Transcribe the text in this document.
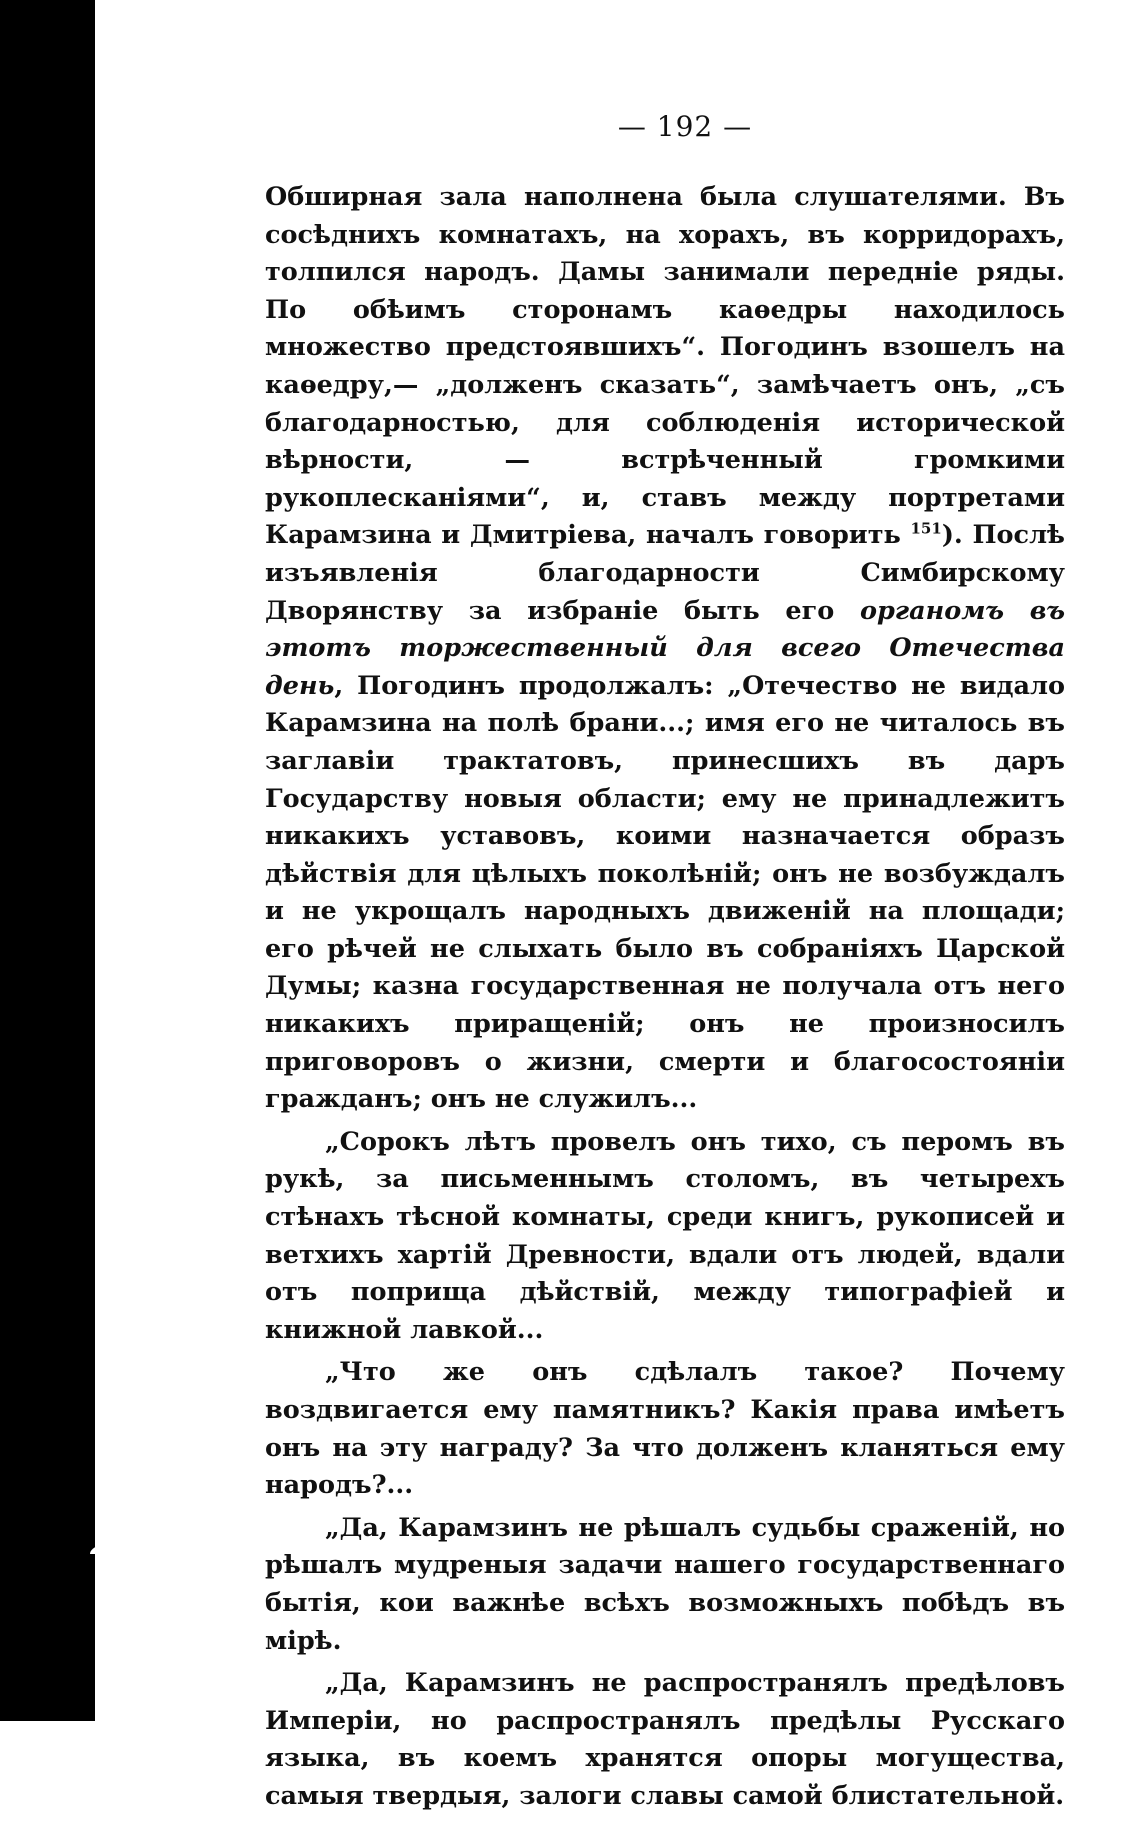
— 192 —

Обширная зала наполнена была слушателями. Въ сосѣднихъ комнатахъ, на хорахъ, въ корридорахъ, толпился народъ. Дамы занимали передніе ряды. По обѣимъ сторонамъ каѳедры находилось множество предстоявшихъ“. Погодинъ взошелъ на каѳедру,— „долженъ сказать“, замѣчаетъ онъ, „съ благодарностью, для соблюденія исторической вѣрности, — встрѣченный громкими рукоплесканіями“, и, ставъ между портретами Карамзина и Дмитріева, началъ говорить $^{151}$). Послѣ изъявленія благодарности Симбирскому Дворянству за избраніе быть его органомъ въ этотъ торжественный для всего Отечества день, Погодинъ продолжалъ: „Отечество не видало Карамзина на полѣ брани...; имя его не читалось въ заглавіи трактатовъ, принесшихъ въ даръ Государству новыя области; ему не принадлежитъ никакихъ уставовъ, коими назначается образъ дѣйствія для цѣлыхъ поколѣній; онъ не возбуждалъ и не укрощалъ народныхъ движеній на площади; его рѣчей не слыхать было въ собраніяхъ Царской Думы; казна государственная не получала отъ него никакихъ приращеній; онъ не произносилъ приговоровъ о жизни, смерти и благосостояніи гражданъ; онъ не служилъ...

„Сорокъ лѣтъ провелъ онъ тихо, съ перомъ въ рукѣ, за письменнымъ столомъ, въ четырехъ стѣнахъ тѣсной комнаты, среди книгъ, рукописей и ветхихъ хартій Древности, вдали отъ людей, вдали отъ поприща дѣйствій, между типографіей и книжной лавкой...

„Что же онъ сдѣлалъ такое? Почему воздвигается ему памятникъ? Какія права имѣетъ онъ на эту награду? За что долженъ кланяться ему народъ?...

„Да, Карамзинъ не рѣшалъ судьбы сраженій, но рѣшалъ мудреныя задачи нашего государственнаго бытія, кои важнѣе всѣхъ возможныхъ побѣдъ въ мірѣ.

„Да, Карамзинъ не распространялъ предѣловъ Имперіи, но распространялъ предѣлы Русскаго языка, въ коемъ хранятся опоры могущества, самыя твердыя, залоги славы самой блистательной.
